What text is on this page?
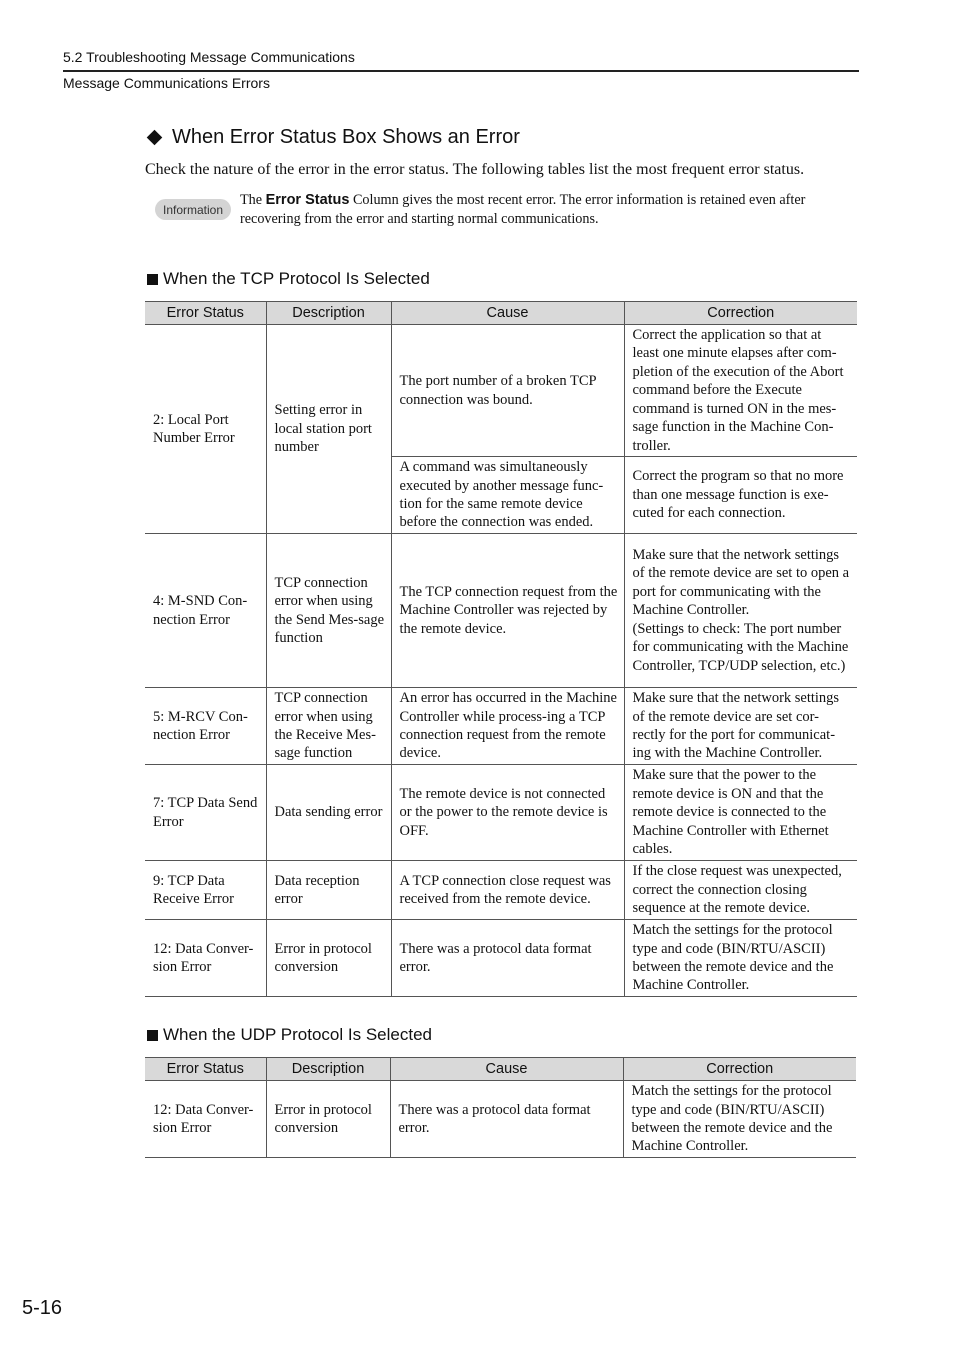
5.2 Troubleshooting Message Communications
Message Communications Errors
When Error Status Box Shows an Error
Check the nature of the error in the error status. The following tables list the most frequent error status.
Information
The Error Status Column gives the most recent error. The error information is retained even after recovering from the error and starting normal communications.
When the TCP Protocol Is Selected
Error Status	Description	Cause	Correction
2: Local Port Number Error	Setting error in local station port number	The port number of a broken TCP connection was bound.	Correct the application so that at least one minute elapses after com-pletion of the execution of the Abort command before the Execute command is turned ON in the mes-sage function in the Machine Con-troller.
		A command was simultaneously executed by another message func-tion for the same remote device before the connection was ended.	Correct the program so that no more than one message function is exe-cuted for each connection.
4: M-SND Con-nection Error	TCP connection error when using the Send Mes-sage function	The TCP connection request from the Machine Controller was rejected by the remote device.	Make sure that the network settings of the remote device are set to open a port for communicating with the Machine Controller.
(Settings to check: The port number for communicating with the Machine Controller, TCP/UDP selection, etc.)

5: M-RCV Con-nection Error	TCP connection error when using the Receive Mes-sage function	An error has occurred in the Machine Controller while process-ing a TCP connection request from the remote device.	Make sure that the network settings of the remote device are set cor-rectly for the port for communicat-ing with the Machine Controller.
7: TCP Data Send Error	Data sending error	The remote device is not connected or the power to the remote device is OFF.	Make sure that the power to the remote device is ON and that the remote device is connected to the Machine Controller with Ethernet cables.
9: TCP Data Receive Error	Data reception error	A TCP connection close request was received from the remote device.	If the close request was unexpected, correct the connection closing sequence at the remote device.
12: Data Conver-sion Error	Error in protocol conversion	There was a protocol data format error.	Match the settings for the protocol type and code (BIN/RTU/ASCII) between the remote device and the Machine Controller.
When the UDP Protocol Is Selected
Error Status	Description	Cause	Correction
12: Data Conver-sion Error	Error in protocol conversion	There was a protocol data format error.	Match the settings for the protocol type and code (BIN/RTU/ASCII) between the remote device and the Machine Controller.
5-16
